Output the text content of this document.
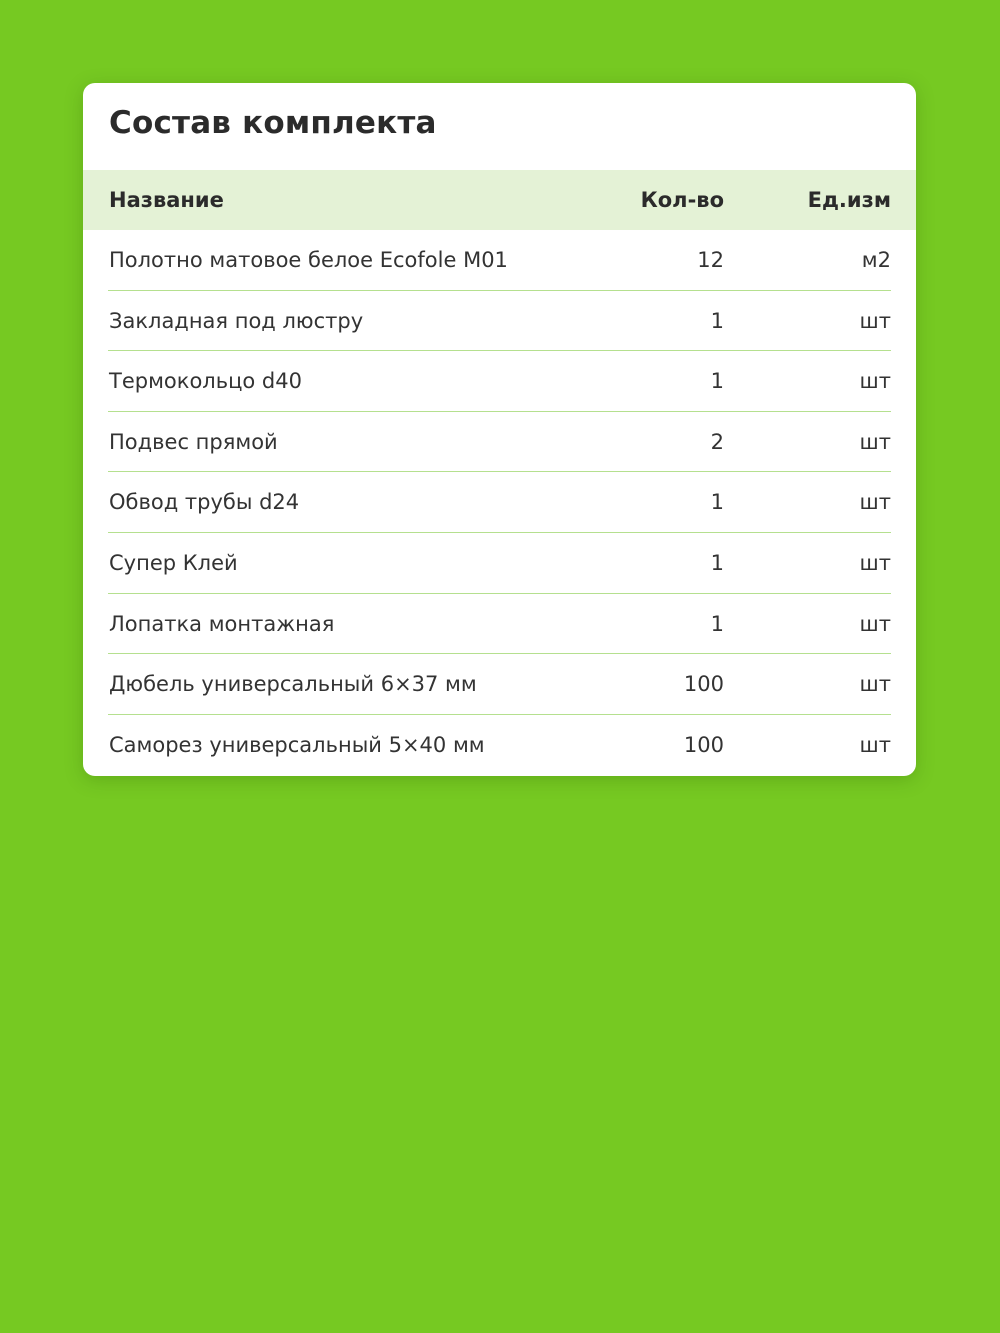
Состав комплекта
Название	Кол-во	Ед.изм
Полотно матовое белое Ecofole M01	12	м2
Закладная под люстру	1	шт
Термокольцо d40	1	шт
Подвес прямой	2	шт
Обвод трубы d24	1	шт
Супер Клей	1	шт
Лопатка монтажная	1	шт
Дюбель универсальный 6×37 мм	100	шт
Саморез универсальный 5×40 мм	100	шт
